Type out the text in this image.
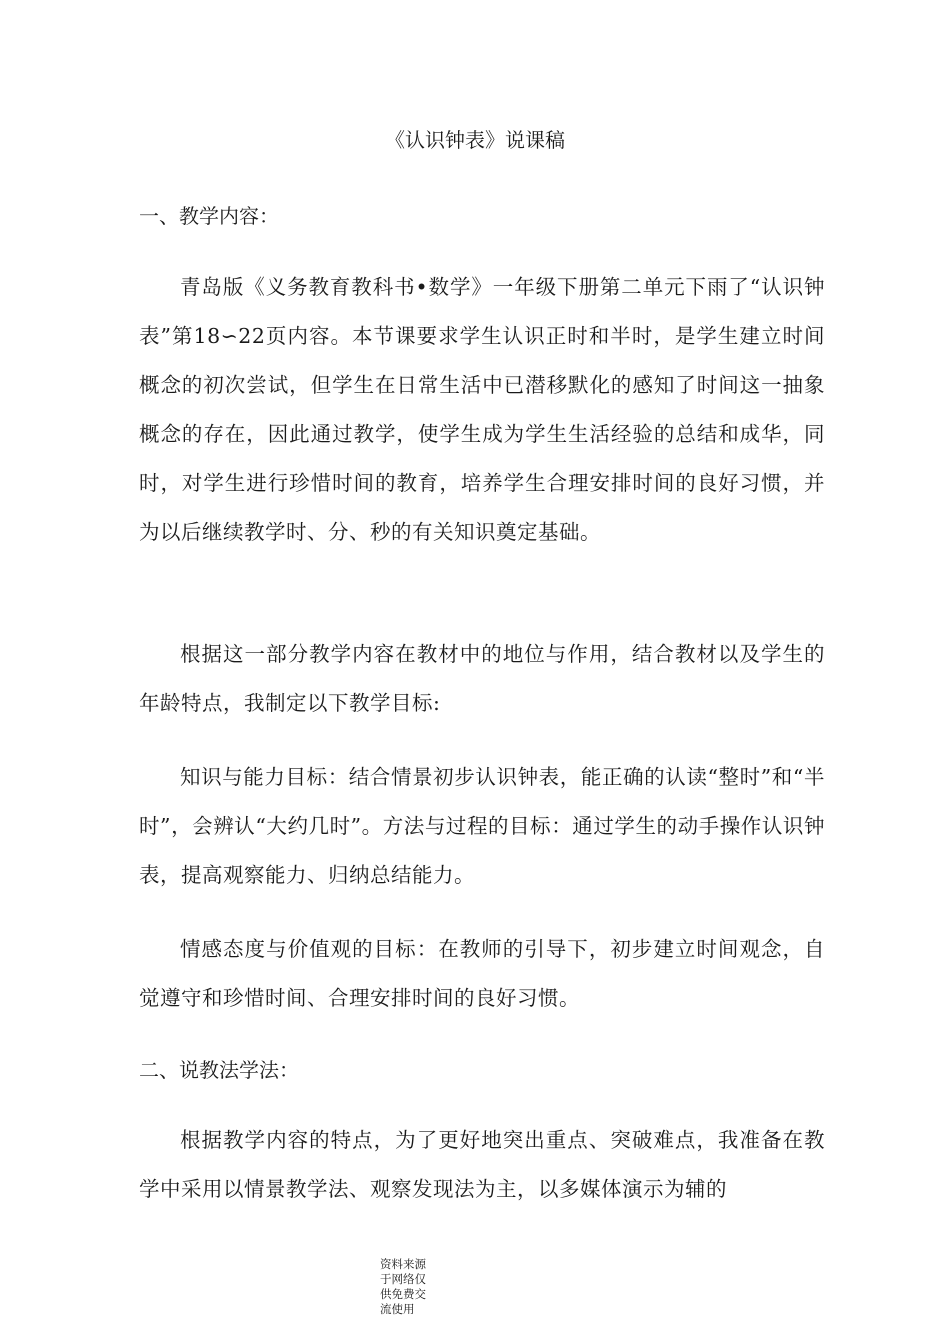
《认识钟表》说课稿
一、教学内容：

青岛版《义务教育教科书•数学》一年级下册第二单元下雨了“认识钟表”第18∽22页内容。本节课要求学生认识正时和半时，是学生建立时间概念的初次尝试，但学生在日常生活中已潜移默化的感知了时间这一抽象概念的存在，因此通过教学，使学生成为学生生活经验的总结和成华，同时，对学生进行珍惜时间的教育，培养学生合理安排时间的良好习惯，并为以后继续教学时、分、秒的有关知识奠定基础。

根据这一部分教学内容在教材中的地位与作用，结合教材以及学生的年龄特点，我制定以下教学目标:

知识与能力目标：结合情景初步认识钟表，能正确的认读“整时”和“半时”，会辨认“大约几时”。方法与过程的目标：通过学生的动手操作认识钟表，提高观察能力、归纳总结能力。

情感态度与价值观的目标：在教师的引导下，初步建立时间观念，自觉遵守和珍惜时间、合理安排时间的良好习惯。

二、说教法学法：

根据教学内容的特点，为了更好地突出重点、突破难点，我准备在教学中采用以情景教学法、观察发现法为主，以多媒体演示为辅的

资料来源于网络仅供免费交流使用
